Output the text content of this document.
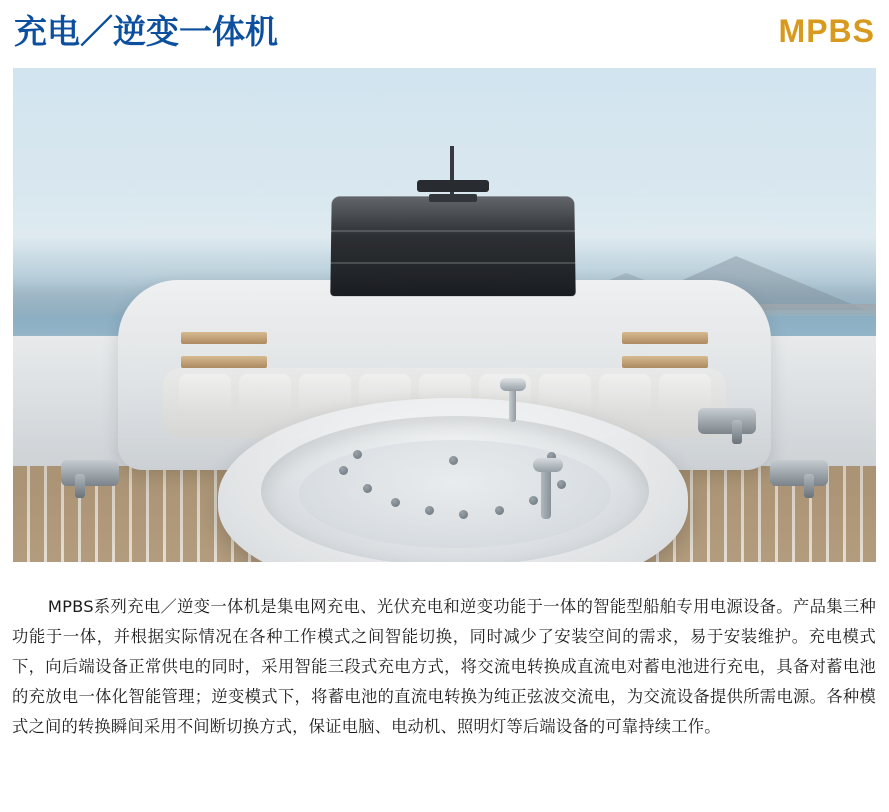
充电／逆变一体机	MPBS
MPBS系列充电／逆变一体机是集电网充电、光伏充电和逆变功能于一体的智能型船舶专用电源设备。产品集三种功能于一体，并根据实际情况在各种工作模式之间智能切换，同时减少了安装空间的需求，易于安装维护。充电模式下，向后端设备正常供电的同时，采用智能三段式充电方式，将交流电转换成直流电对蓄电池进行充电，具备对蓄电池的充放电一体化智能管理；逆变模式下，将蓄电池的直流电转换为纯正弦波交流电，为交流设备提供所需电源。各种模式之间的转换瞬间采用不间断切换方式，保证电脑、电动机、照明灯等后端设备的可靠持续工作。
